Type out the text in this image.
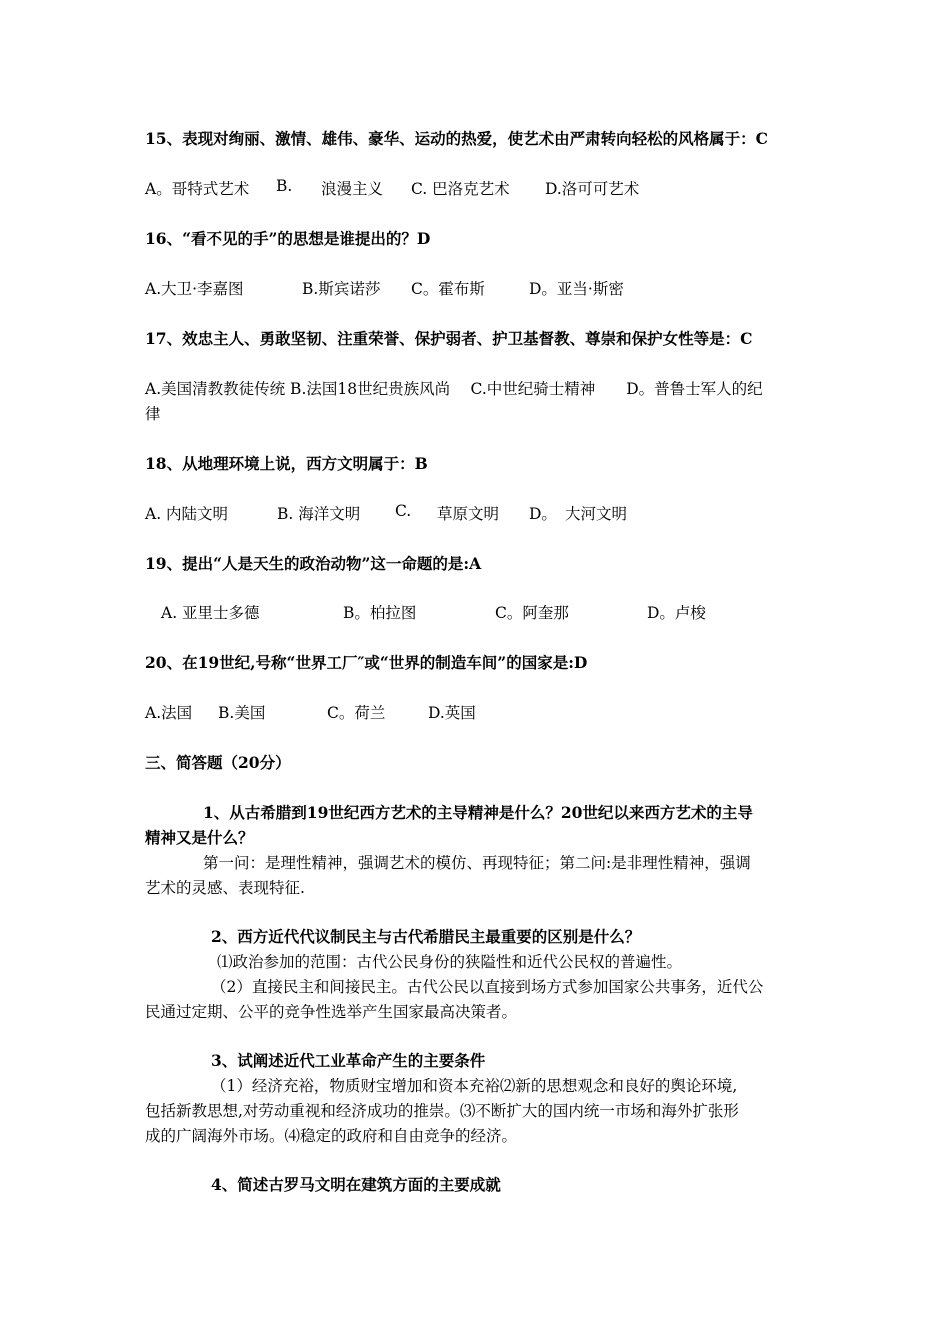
15、表现对绚丽、激情、雄伟、豪华、运动的热爱，使艺术由严肃转向轻松的风格属于：C
A。哥特式艺术 B. 浪漫主义 C. 巴洛克艺术 D.洛可可艺术
16、“看不见的手”的思想是谁提出的？D
A.大卫·李嘉图	B.斯宾诺莎 C。霍布斯	D。亚当·斯密
17、效忠主人、勇敢坚韧、注重荣誉、保护弱者、护卫基督教、尊崇和保护女性等是：C
A.美国清教教徒传统 B.法国18世纪贵族风尚　 C.中世纪骑士精神　　D。普鲁士军人的纪
律
18、从地理环境上说，西方文明属于：B
A. 内陆文明	B. 海洋文明 C. 草原文明 D。 大河文明
19、提出“人是天生的政治动物”这一命题的是:A
A. 亚里士多德	B。柏拉图	C。阿奎那	D。卢梭
20、在19世纪,号称“世界工厂″或“世界的制造车间”的国家是:D
A.法国 B.美国	C。荷兰	D.英国
三、简答题（20分）
1、从古希腊到19世纪西方艺术的主导精神是什么？20世纪以来西方艺术的主导
精神又是什么？
第一问：是理性精神，强调艺术的模仿、再现特征；第二问:是非理性精神，强调
艺术的灵感、表现特征.
2、西方近代代议制民主与古代希腊民主最重要的区别是什么？
⑴政治参加的范围：古代公民身份的狭隘性和近代公民权的普遍性。
（2）直接民主和间接民主。古代公民以直接到场方式参加国家公共事务，近代公
民通过定期、公平的竞争性选举产生国家最高决策者。
3、试阐述近代工业革命产生的主要条件
（1）经济充裕，物质财宝增加和资本充裕⑵新的思想观念和良好的舆论环境,
包括新教思想,对劳动重视和经济成功的推崇。⑶不断扩大的国内统一市场和海外扩张形
成的广阔海外市场。⑷稳定的政府和自由竞争的经济。
4、简述古罗马文明在建筑方面的主要成就
